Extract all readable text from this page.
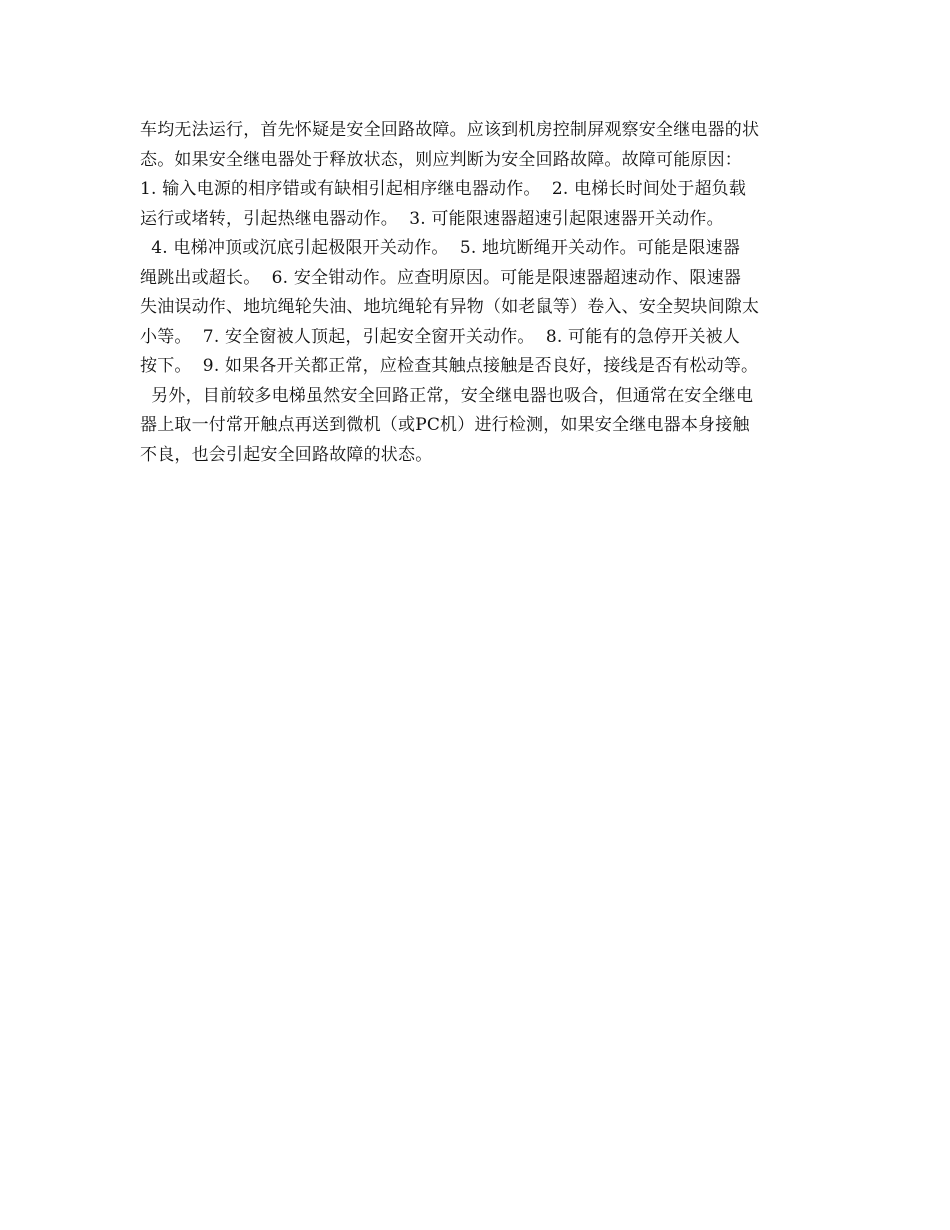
车均无法运行，首先怀疑是安全回路故障。应该到机房控制屏观察安全继电器的状
态。如果安全继电器处于释放状态，则应判断为安全回路故障。故障可能原因：
1. 输入电源的相序错或有缺相引起相序继电器动作。  2. 电梯长时间处于超负载
运行或堵转，引起热继电器动作。  3. 可能限速器超速引起限速器开关动作。
4. 电梯冲顶或沉底引起极限开关动作。  5. 地坑断绳开关动作。可能是限速器
绳跳出或超长。  6. 安全钳动作。应查明原因。可能是限速器超速动作、限速器
失油误动作、地坑绳轮失油、地坑绳轮有异物（如老鼠等）卷入、安全契块间隙太
小等。  7. 安全窗被人顶起，引起安全窗开关动作。  8. 可能有的急停开关被人
按下。  9. 如果各开关都正常，应检查其触点接触是否良好，接线是否有松动等。
另外，目前较多电梯虽然安全回路正常，安全继电器也吸合，但通常在安全继电
器上取一付常开触点再送到微机（或PC机）进行检测，如果安全继电器本身接触
不良，也会引起安全回路故障的状态。
